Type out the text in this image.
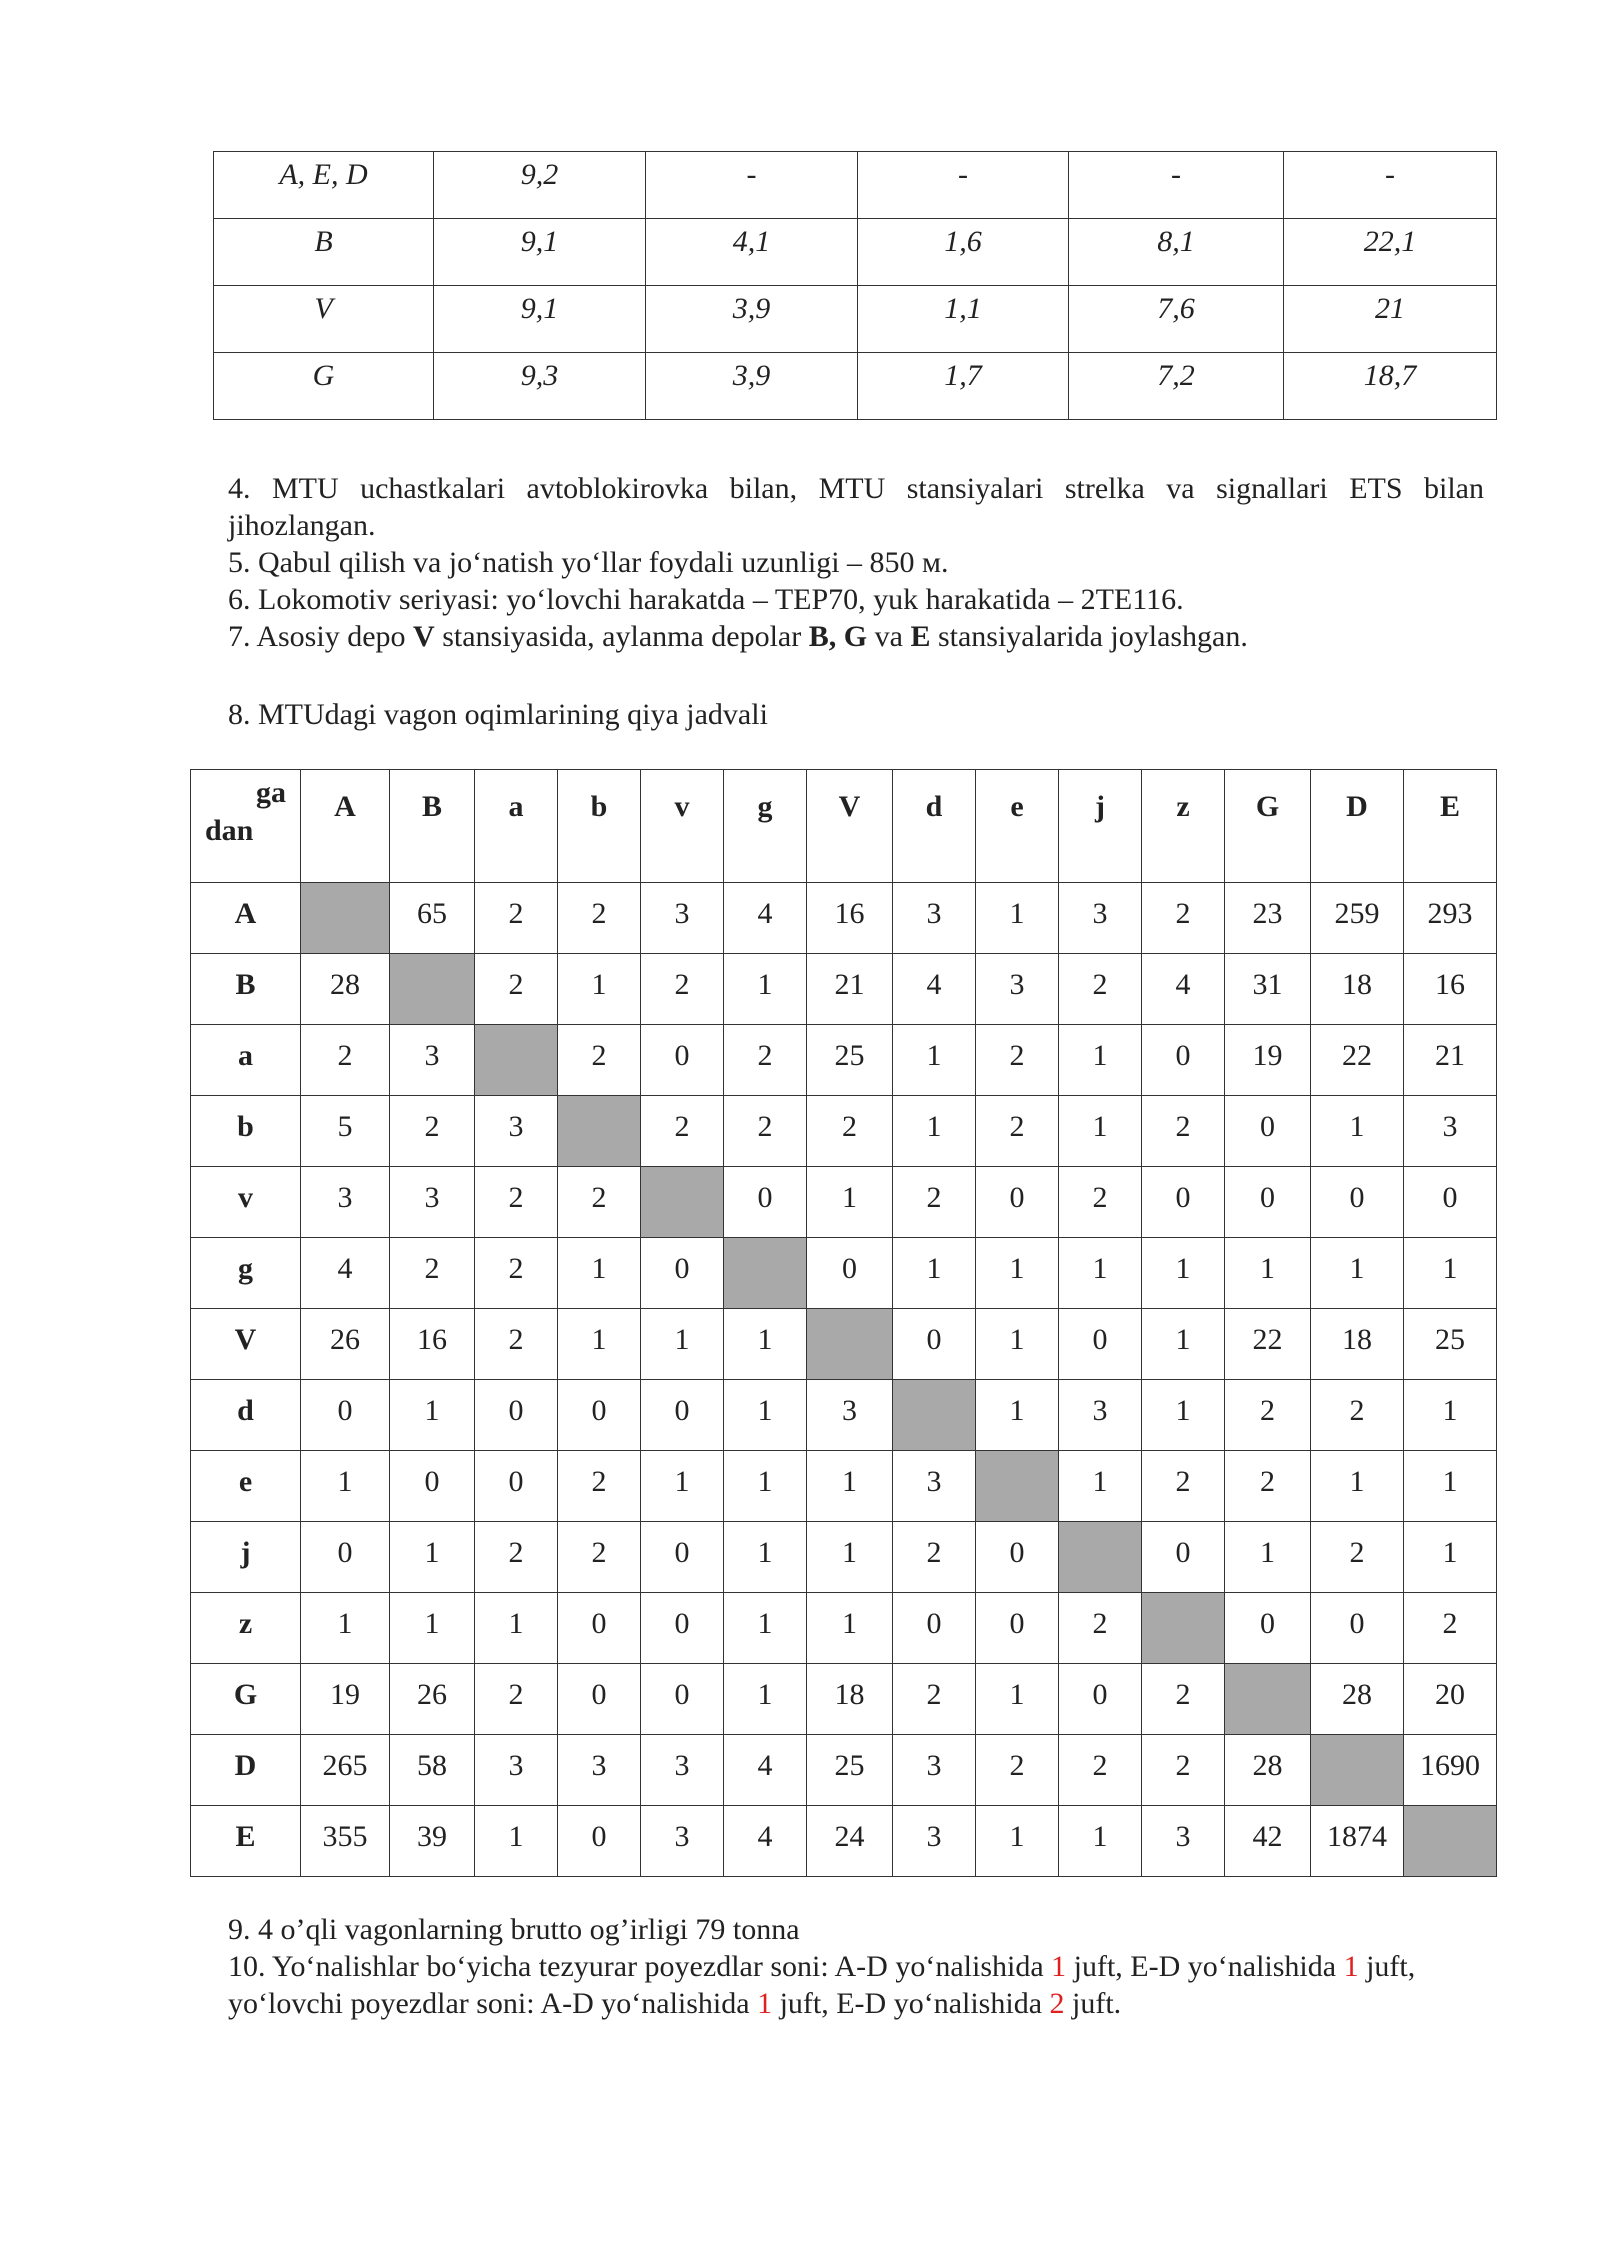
A, E, D	9,2	-	-	-	-
B	9,1	4,1	1,6	8,1	22,1
V	9,1	3,9	1,1	7,6	21
G	9,3	3,9	1,7	7,2	18,7

4. MTU uchastkalari avtoblokirovka bilan, MTU stansiyalari strelka va signallari ETS bilan jihozlangan.

5. Qabul qilish va jo‘natish yo‘llar foydali uzunligi – 850 м.

6. Lokomotiv seriyasi: yo‘lovchi harakatda – TEP70, yuk harakatida – 2TE116.

7. Asosiy depo V stansiyasida, aylanma depolar B, G va E stansiyalarida joylashgan.

8. MTUdagi vagon oqimlarining qiya jadvali
ga
dan	A	B	a	b	v	g	V	d	e	j	z	G	D	E
A		65	2	2	3	4	16	3	1	3	2	23	259	293
B	28		2	1	2	1	21	4	3	2	4	31	18	16
a	2	3		2	0	2	25	1	2	1	0	19	22	21
b	5	2	3		2	2	2	1	2	1	2	0	1	3
v	3	3	2	2		0	1	2	0	2	0	0	0	0
g	4	2	2	1	0		0	1	1	1	1	1	1	1
V	26	16	2	1	1	1		0	1	0	1	22	18	25
d	0	1	0	0	0	1	3		1	3	1	2	2	1
e	1	0	0	2	1	1	1	3		1	2	2	1	1
j	0	1	2	2	0	1	1	2	0		0	1	2	1
z	1	1	1	0	0	1	1	0	0	2		0	0	2
G	19	26	2	0	0	1	18	2	1	0	2		28	20
D	265	58	3	3	3	4	25	3	2	2	2	28		1690
E	355	39	1	0	3	4	24	3	1	1	3	42	1874	

9. 4 o’qli vagonlarning brutto og’irligi 79 tonna

10. Yo‘nalishlar bo‘yicha tezyurar poyezdlar soni: A-D yo‘nalishida 1 juft, E-D yo‘nalishida 1 juft,

yo‘lovchi poyezdlar soni: A-D yo‘nalishida 1 juft, E-D yo‘nalishida 2 juft.
